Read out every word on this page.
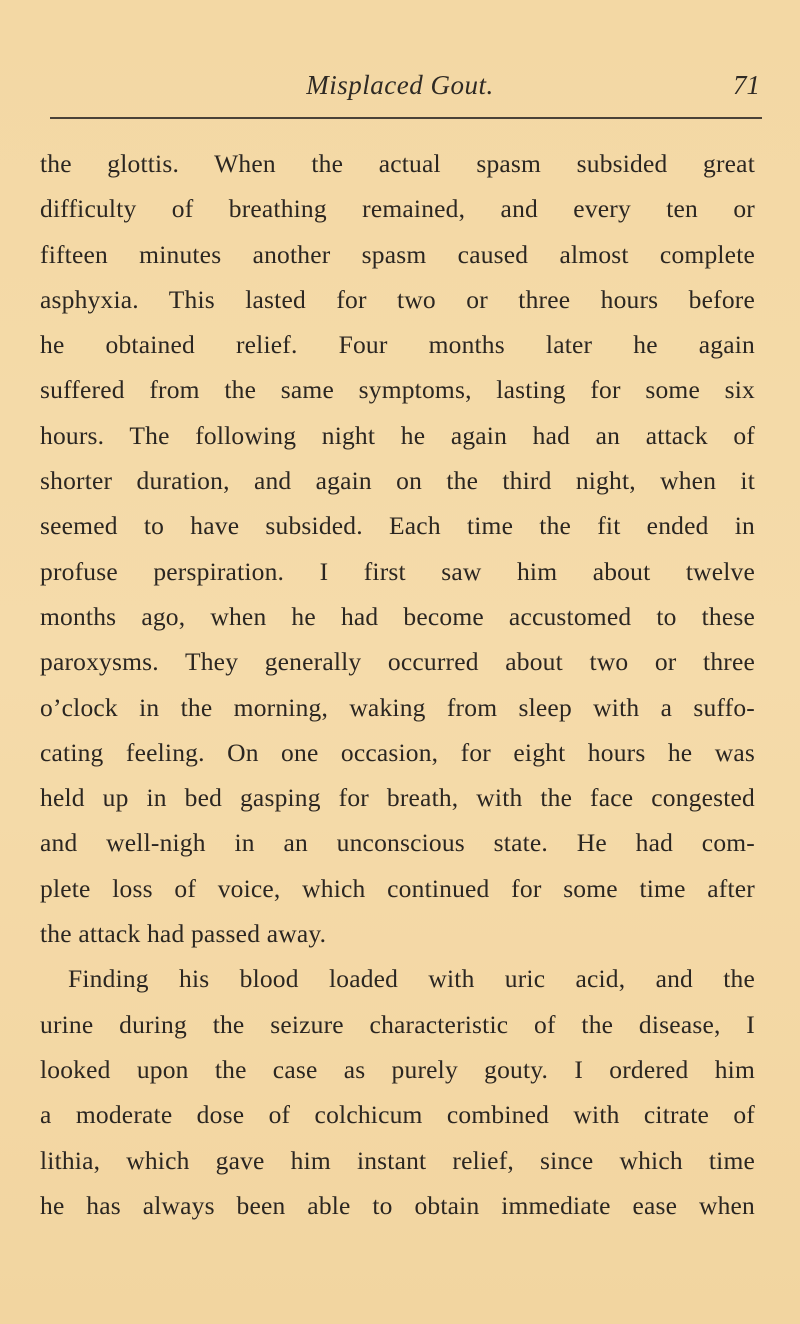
Misplaced Gout.	71
the glottis. When the actual spasm subsided great
difficulty of breathing remained, and every ten or
fifteen minutes another spasm caused almost complete
asphyxia. This lasted for two or three hours before
he obtained relief. Four months later he again
suffered from the same symptoms, lasting for some six
hours. The following night he again had an attack of
shorter duration, and again on the third night, when it
seemed to have subsided. Each time the fit ended in
profuse perspiration. I first saw him about twelve
months ago, when he had become accustomed to these
paroxysms. They generally occurred about two or three
o’clock in the morning, waking from sleep with a suffo-
cating feeling. On one occasion, for eight hours he was
held up in bed gasping for breath, with the face congested
and well-nigh in an unconscious state. He had com-
plete loss of voice, which continued for some time after
the attack had passed away.
Finding his blood loaded with uric acid, and the
urine during the seizure characteristic of the disease, I
looked upon the case as purely gouty. I ordered him
a moderate dose of colchicum combined with citrate of
lithia, which gave him instant relief, since which time
he has always been able to obtain immediate ease when
